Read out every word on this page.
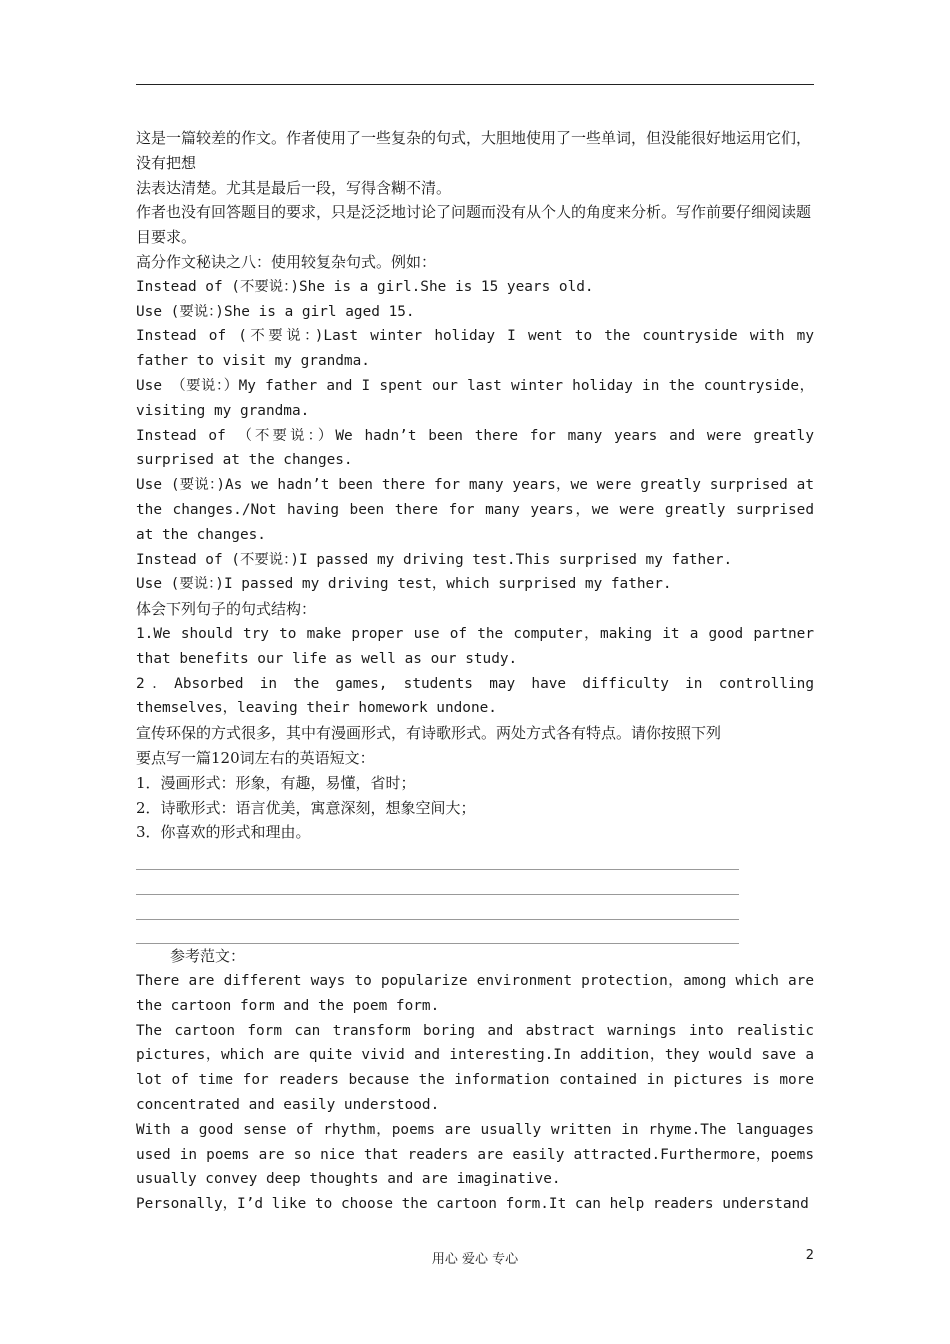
这是一篇较差的作文。作者使用了一些复杂的句式，大胆地使用了一些单词，但没能很好地运用它们，没有把想

法表达清楚。尤其是最后一段，写得含糊不清。

作者也没有回答题目的要求，只是泛泛地讨论了问题而没有从个人的角度来分析。写作前要仔细阅读题目要求。

高分作文秘诀之八：使用较复杂句式。例如：

Instead of (不要说：)She is a girl.She is 15 years old.

Use (要说：)She is a girl aged 15.

Instead of (不要说：)Last winter holiday I went to the countryside with my father to visit my grandma.

Use （要说：）My father and I spent our last winter holiday in the countryside，visiting my grandma.

Instead of （不要说：）We hadn’t been there for many years and were greatly surprised at the changes.

Use (要说：)As we hadn’t been there for many years，we were greatly surprised at the changes./Not having been there for many years，we were greatly surprised at the changes.

Instead of (不要说：)I passed my driving test.This surprised my father.

Use (要说：)I passed my driving test，which surprised my father.

体会下列句子的句式结构：

1.We should try to make proper use of the computer，making it a good partner that benefits our life as well as our study.

2．Absorbed in the games, students may have difficulty in controlling themselves，leaving their homework undone.

宣传环保的方式很多，其中有漫画形式，有诗歌形式。两处方式各有特点。请你按照下列

要点写一篇120词左右的英语短文：

1．漫画形式：形象，有趣，易懂，省时；

2．诗歌形式：语言优美，寓意深刻，想象空间大；

3．你喜欢的形式和理由。

参考范文：

There are different ways to popularize environment protection，among which are the cartoon form and the poem form.

The cartoon form can transform boring and abstract warnings into realistic pictures，which are quite vivid and interesting.In addition，they would save a lot of time for readers because the information contained in pictures is more concentrated and easily understood.

With a good sense of rhythm，poems are usually written in rhyme.The languages used in poems are so nice that readers are easily attracted.Furthermore，poems usually convey deep thoughts and are imaginative.

Personally，I’d like to choose the cartoon form.It can help readers understand

用心 爱心 专心	2
